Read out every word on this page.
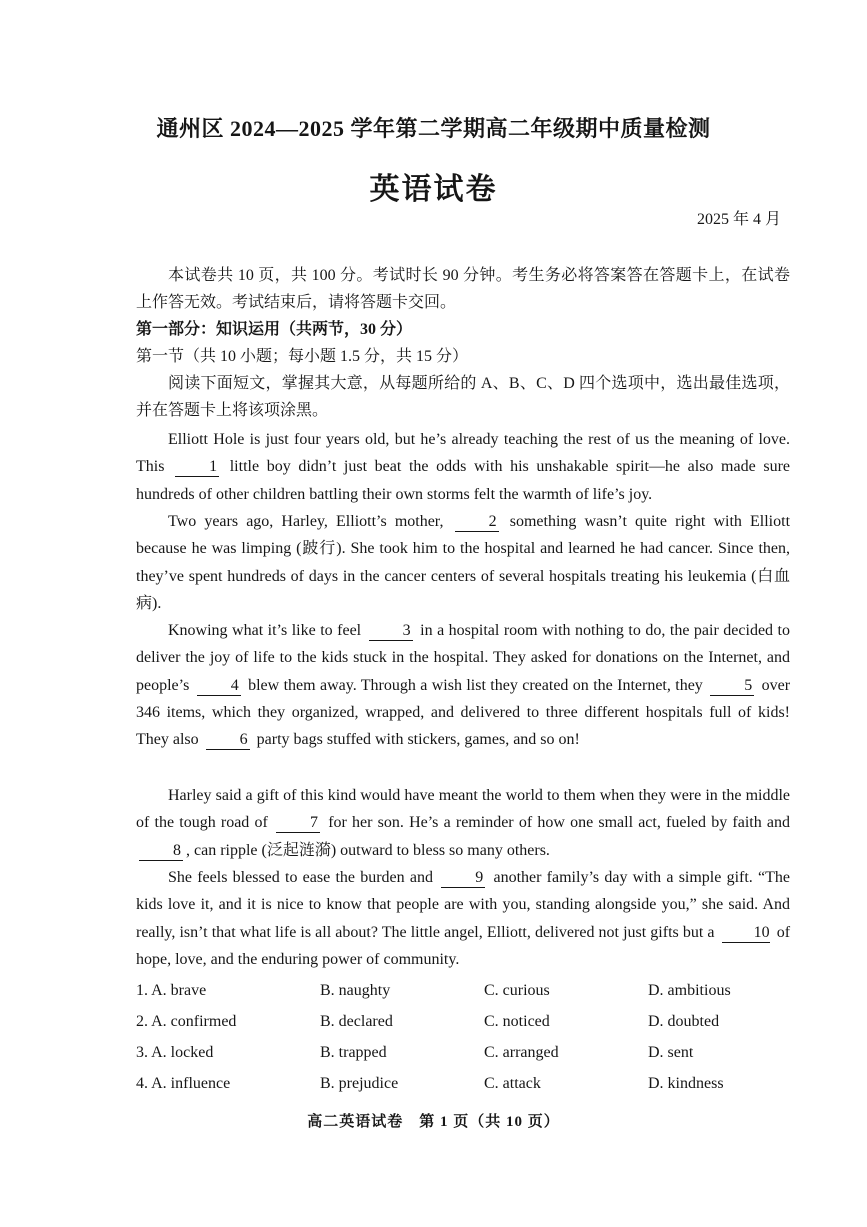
通州区 2024—2025 学年第二学期高二年级期中质量检测
英语试卷
2025 年 4 月

本试卷共 10 页，共 100 分。考试时长 90 分钟。考生务必将答案答在答题卡上，在试卷上作答无效。考试结束后，请将答题卡交回。

第一部分：知识运用（共两节，30 分）

第一节（共 10 小题；每小题 1.5 分，共 15 分）

阅读下面短文，掌握其大意，从每题所给的 A、B、C、D 四个选项中，选出最佳选项，并在答题卡上将该项涂黑。

Elliott Hole is just four years old, but he’s already teaching the rest of us the meaning of love. This	1 little boy didn’t just beat the odds with his unshakable spirit—he also made sure hundreds of other children battling their own storms felt the warmth of life’s joy.

Two years ago, Harley, Elliott’s mother,	2 something wasn’t quite right with Elliott because he was limping (跛行). She took him to the hospital and learned he had cancer. Since then, they’ve spent hundreds of days in the cancer centers of several hospitals treating his leukemia (白血病).

Knowing what it’s like to feel	3 in a hospital room with nothing to do, the pair decided to deliver the joy of life to the kids stuck in the hospital. They asked for donations on the Internet, and people’s	4 blew them away. Through a wish list they created on the Internet, they	5 over 346 items, which they organized, wrapped, and delivered to three different hospitals full of kids! They also	6 party bags stuffed with stickers, games, and so on!

Harley said a gift of this kind would have meant the world to them when they were in the middle of the tough road of	7 for her son. He’s a reminder of how one small act, fueled by faith and 8 , can ripple (泛起涟漪) outward to bless so many others.

She feels blessed to ease the burden and	9 another family’s day with a simple gift. “The kids love it, and it is nice to know that people are with you, standing alongside you,” she said. And really, isn’t that what life is all about? The little angel, Elliott, delivered not just gifts but a 10 of hope, love, and the enduring power of community.

1. A. brave	B. naughty	C. curious	D. ambitious
2. A. confirmed	B. declared	C. noticed	D. doubted
3. A. locked	B. trapped	C. arranged	D. sent
4. A. influence	B. prejudice	C. attack	D. kindness
高二英语试卷　第 1 页（共 10 页）
